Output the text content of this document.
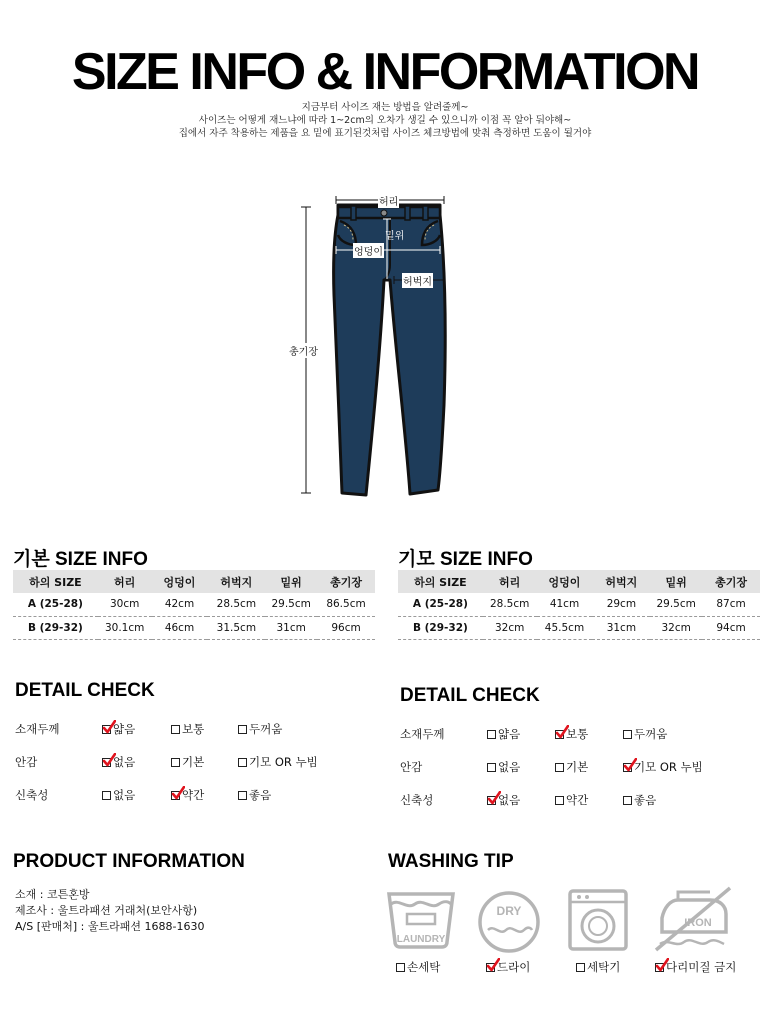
SIZE INFO & INFORMATION
지금부터 사이즈 재는 방법을 알려줄께~
사이즈는 어떻게 재느냐에 따라 1~2cm의 오차가 생길 수 있으니까 이점 꼭 알아 둬야해~
집에서 자주 착용하는 제품을 요 밑에 표기된것처럼 사이즈 체크방법에 맞춰 측정하면 도움이 될거야
허리
밑위
엉덩이
허벅지
총기장
기본 SIZE INFO
하의 SIZE	허리	엉덩이	허벅지	밑위	총기장
A (25-28)	30cm	42cm	28.5cm	29.5cm	86.5cm
B (29-32)	30.1cm	46cm	31.5cm	31cm	96cm
기모 SIZE INFO
하의 SIZE	허리	엉덩이	허벅지	밑위	총기장
A (25-28)	28.5cm	41cm	29cm	29.5cm	87cm
B (29-32)	32cm	45.5cm	31cm	32cm	94cm
DETAIL CHECK
소재두께	얇음	보통	두꺼움
안감	없음	기본	기모 OR 누빔
신축성	없음	약간	좋음
DETAIL CHECK
소재두께	얇음	보통	두꺼움
안감	없음	기본	기모 OR 누빔
신축성	없음	약간	좋음
PRODUCT INFORMATION
소재 : 코튼혼방
제조사 : 울트라패션 거래처(보안사항)
A/S [판매처] : 울트라패션 1688-1630
WASHING TIP
LAUNDRY
DRY
IRON
손세탁	드라이	세탁기	다리미질 금지
